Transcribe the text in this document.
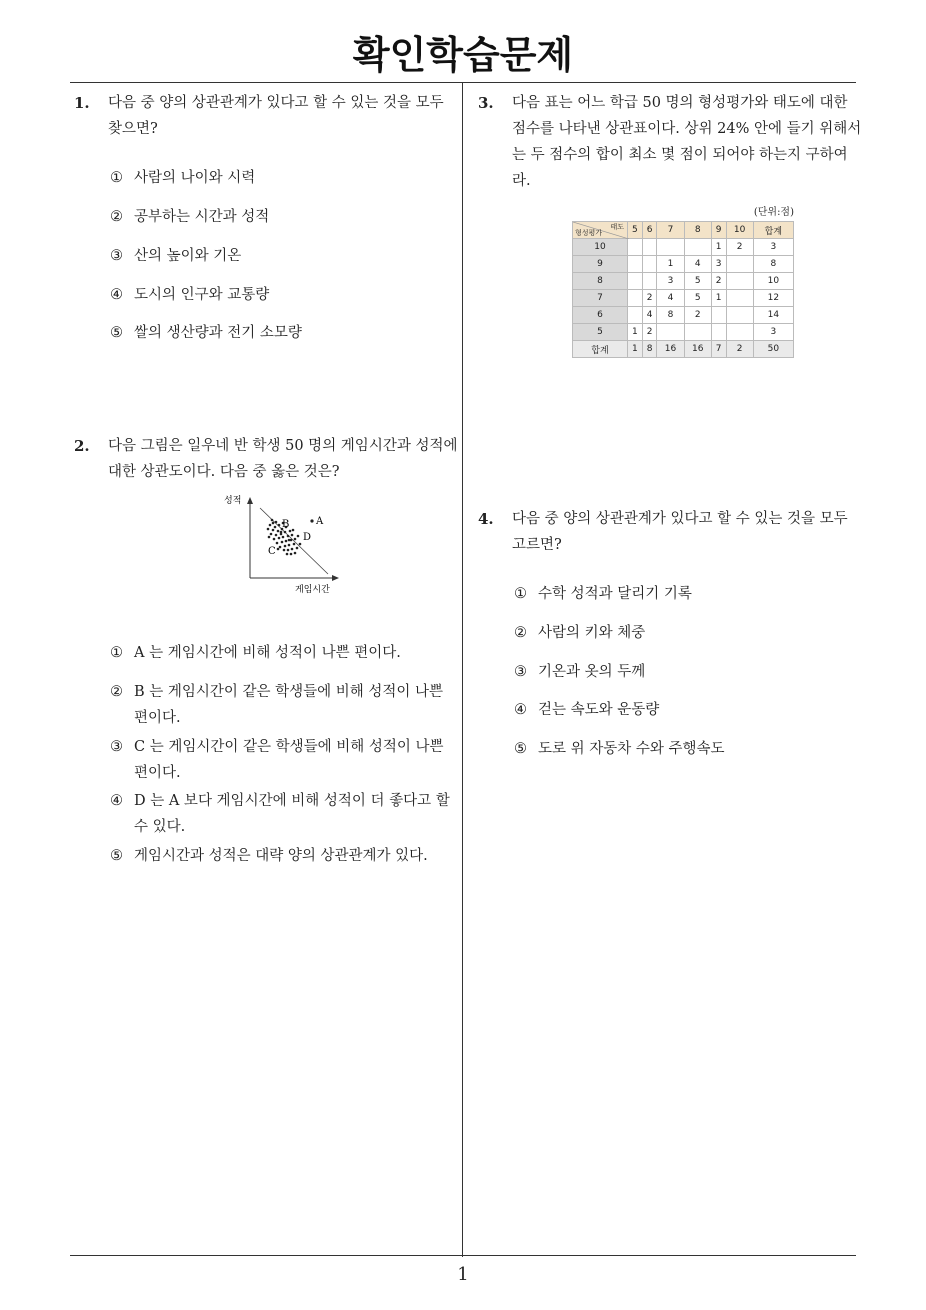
확인학습문제
1
1. 다음 중 양의 상관관계가 있다고 할 수 있는 것을 모두 찾으면?
① 사람의 나이와 시력
② 공부하는 시간과 성적
③ 산의 높이와 기온
④ 도시의 인구와 교통량
⑤ 쌀의 생산량과 전기 소모량
2. 다음 그림은 일우네 반 학생 50 명의 게임시간과 성적에 대한 상관도이다. 다음 중 옳은 것은?
성적
게임시간
A
B
C
D
① A 는 게임시간에 비해 성적이 나쁜 편이다.
② B 는 게임시간이 같은 학생들에 비해 성적이 나쁜 편이다.
③ C 는 게임시간이 같은 학생들에 비해 성적이 나쁜 편이다.
④ D 는 A 보다 게임시간에 비해 성적이 더 좋다고 할 수 있다.
⑤ 게임시간과 성적은 대략 양의 상관관계가 있다.
3. 다음 표는 어느 학급 50 명의 형성평가와 태도에 대한 점수를 나타낸 상관표이다. 상위 24% 안에 들기 위해서는 두 점수의 합이 최소 몇 점이 되어야 하는지 구하여라.
(단위:점)
태도
형성평가	5	6	7	8	9	10	합계
10					1	2	3
9			1	4	3		8
8			3	5	2		10
7		2	4	5	1		12
6		4	8	2			14
5	1	2					3
합계	1	8	16	16	7	2	50
4. 다음 중 양의 상관관계가 있다고 할 수 있는 것을 모두 고르면?
① 수학 성적과 달리기 기록
② 사람의 키와 체중
③ 기온과 옷의 두께
④ 걷는 속도와 운동량
⑤ 도로 위 자동차 수와 주행속도
